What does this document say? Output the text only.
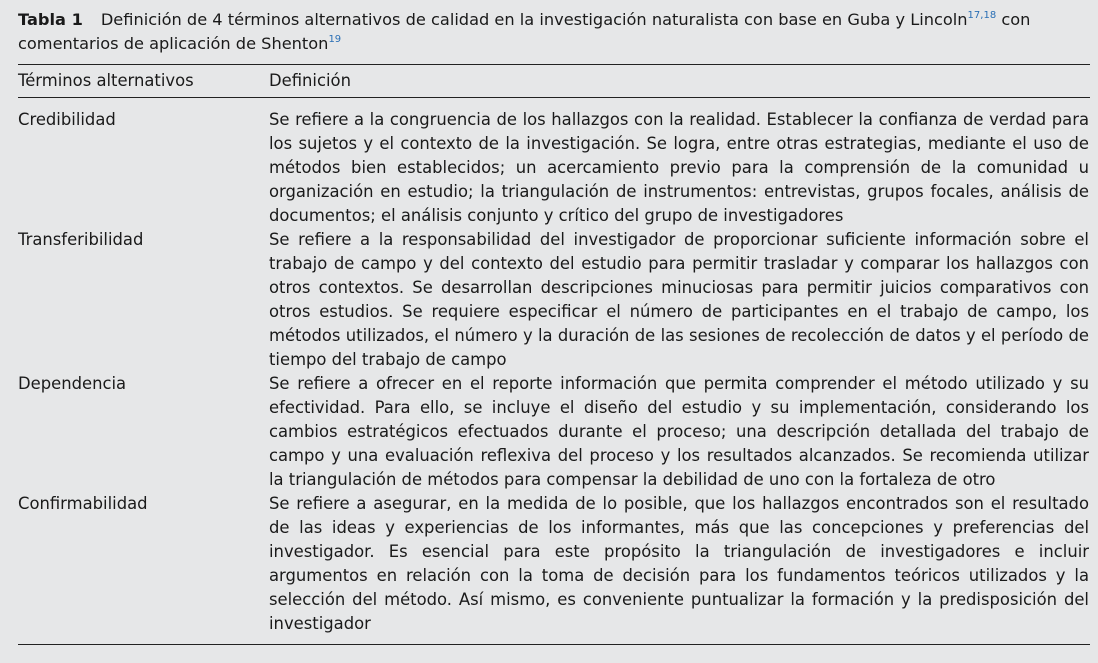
Tabla 1 Definición de 4 términos alternativos de calidad en la investigación naturalista con base en Guba y Lincoln$^{17,18}$ con comentarios de aplicación de Shenton$^{19}$

Términos alternativos	Definición
Credibilidad	Se refiere a la congruencia de los hallazgos con la realidad. Establecer la confianza de verdad para los sujetos y el contexto de la investigación. Se logra, entre otras estrategias, mediante el uso de métodos bien establecidos; un acercamiento previo para la comprensión de la comunidad u organización en estudio; la triangulación de instrumentos: entrevistas, grupos focales, análisis de documentos; el análisis conjunto y crítico del grupo de investigadores
Transferibilidad	Se refiere a la responsabilidad del investigador de proporcionar suficiente información sobre el trabajo de campo y del contexto del estudio para permitir trasladar y comparar los hallazgos con otros contextos. Se desarrollan descripciones minuciosas para permitir juicios comparativos con otros estudios. Se requiere especificar el número de participantes en el trabajo de campo, los métodos utilizados, el número y la duración de las sesiones de recolección de datos y el período de tiempo del trabajo de campo
Dependencia	Se refiere a ofrecer en el reporte información que permita comprender el método utilizado y su efectividad. Para ello, se incluye el diseño del estudio y su implementación, considerando los cambios estratégicos efectuados durante el proceso; una descripción detallada del trabajo de campo y una evaluación reflexiva del proceso y los resultados alcanzados. Se recomienda utilizar la triangulación de métodos para compensar la debilidad de uno con la fortaleza de otro
Confirmabilidad	Se refiere a asegurar, en la medida de lo posible, que los hallazgos encontrados son el resultado de las ideas y experiencias de los informantes, más que las concepciones y preferencias del investigador. Es esencial para este propósito la triangulación de investigadores e incluir argumentos en relación con la toma de decisión para los fundamentos teóricos utilizados y la selección del método. Así mismo, es conveniente puntualizar la formación y la predisposición del investigador
